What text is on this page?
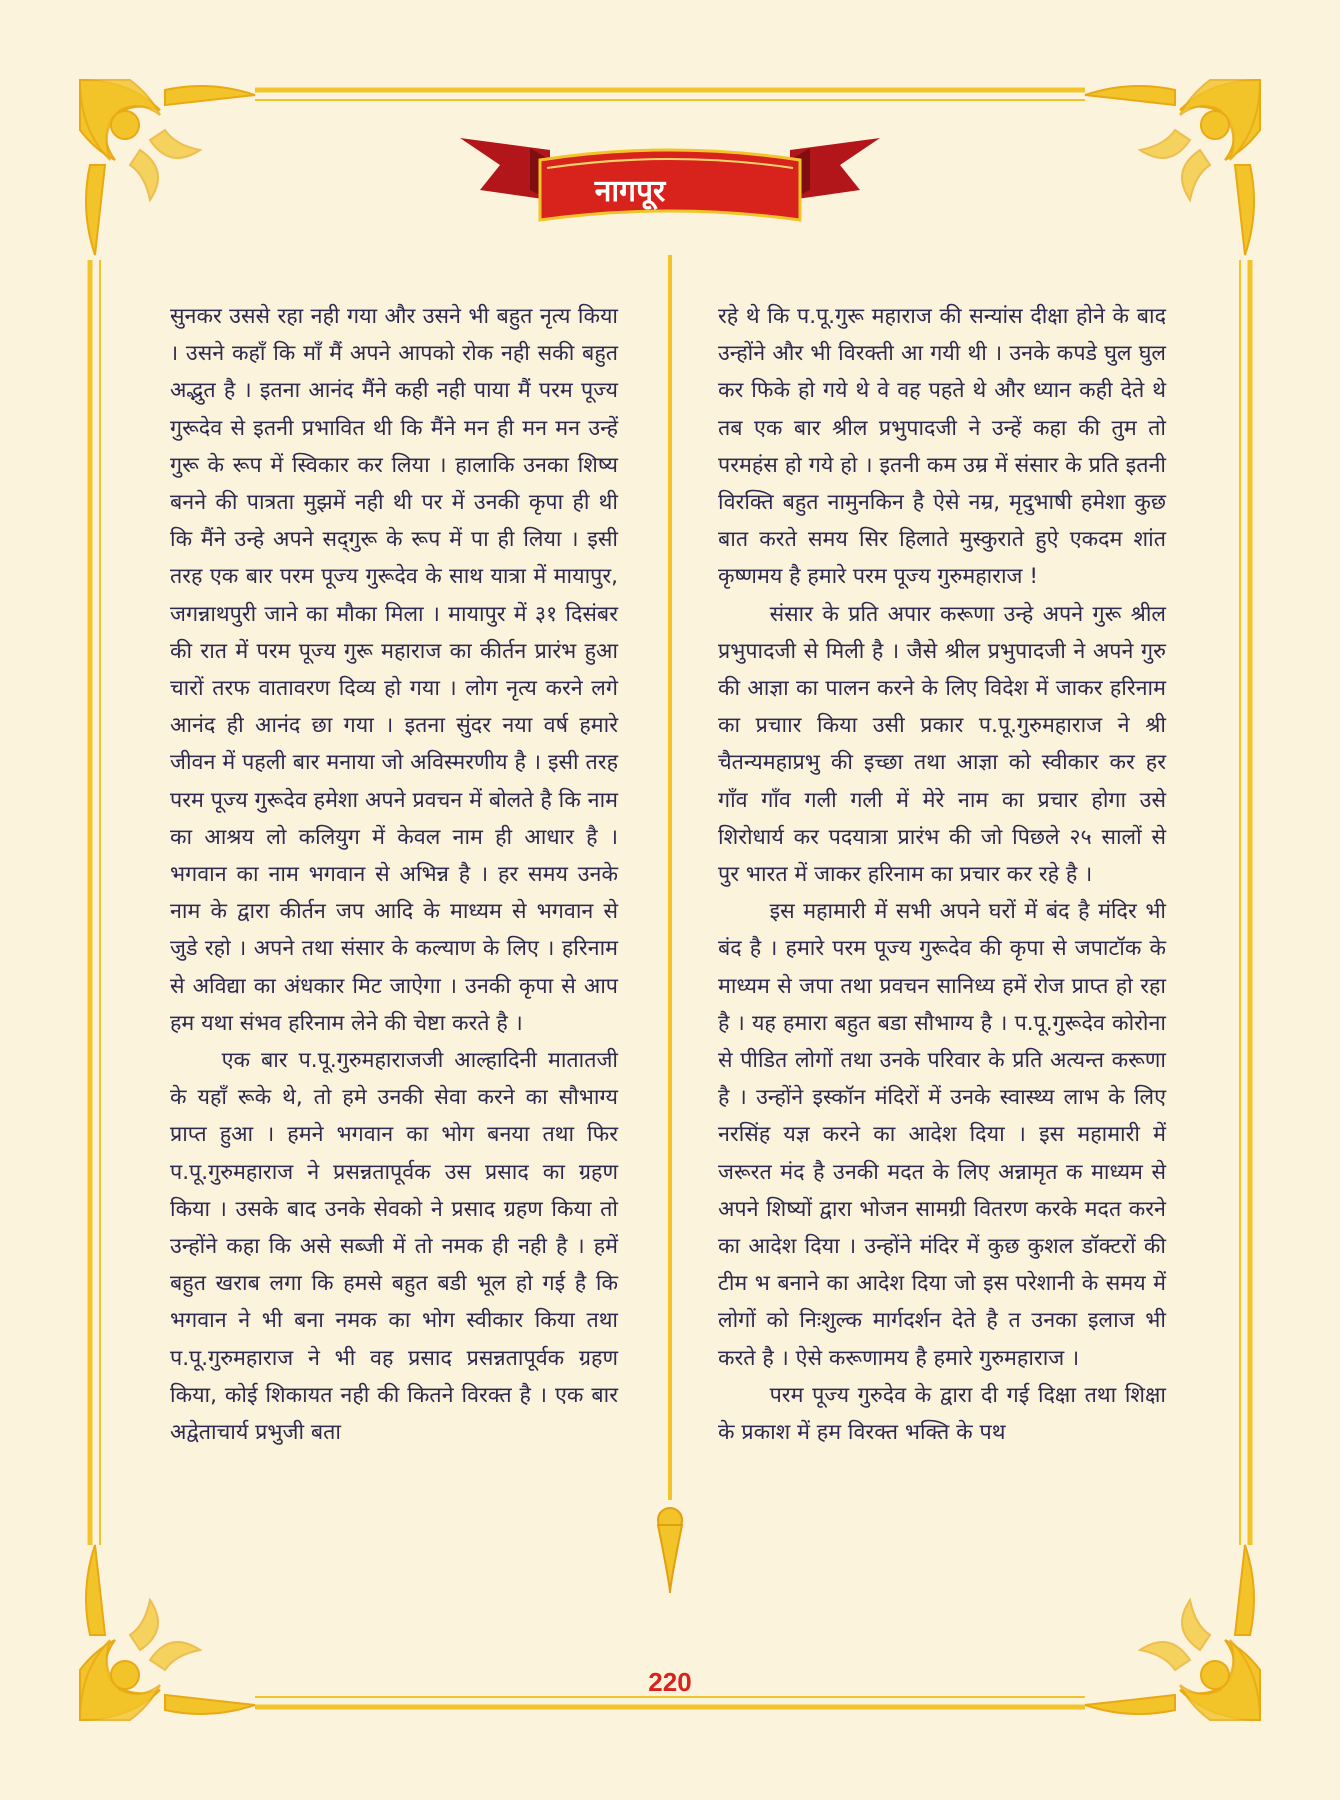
नागपूर

सुनकर उससे रहा नही गया और उसने भी बहुत नृत्य किया । उसने कहाँ कि माँ मैं अपने आपको रोक नही सकी बहुत अद्भुत है । इतना आनंद मैंने कही नही पाया मैं परम पूज्य गुरूदेव से इतनी प्रभावित थी कि मैंने मन ही मन मन उन्हें गुरू के रूप में स्विकार कर लिया । हालाकि उनका शिष्य बनने की पात्रता मुझमें नही थी पर में उनकी कृपा ही थी कि मैंने उन्हे अपने सद्‌गुरू के रूप में पा ही लिया । इसी तरह एक बार परम पूज्य गुरूदेव के साथ यात्रा में मायापुर, जगन्नाथपुरी जाने का मौका मिला । मायापुर में ३१ दिसंबर की रात में परम पूज्य गुरू महाराज का कीर्तन प्रारंभ हुआ चारों तरफ वातावरण दिव्य हो गया । लोग नृत्य करने लगे आनंद ही आनंद छा गया । इतना सुंदर नया वर्ष हमारे जीवन में पहली बार मनाया जो अविस्मरणीय है । इसी तरह परम पूज्य गुरूदेव हमेशा अपने प्रवचन में बोलते है कि नाम का आश्रय लो कलियुग में केवल नाम ही आधार है । भगवान का नाम भगवान से अभिन्न है । हर समय उनके नाम के द्वारा कीर्तन जप आदि के माध्यम से भगवान से जुडे रहो । अपने तथा संसार के कल्याण के लिए । हरिनाम से अविद्या का अंधकार मिट जाऐगा । उनकी कृपा से आप हम यथा संभव हरिनाम लेने की चेष्टा करते है ।

एक बार प.पू.गुरुमहाराजजी आल्हादिनी मातातजी के यहाँ रूके थे, तो हमे उनकी सेवा करने का सौभाग्य प्राप्त हुआ । हमने भगवान का भोग बनया तथा फिर प.पू.गुरुमहाराज ने प्रसन्नतापूर्वक उस प्रसाद का ग्रहण किया । उसके बाद उनके सेवको ने प्रसाद ग्रहण किया तो उन्होंने कहा कि असे सब्जी में तो नमक ही नही है । हमें बहुत खराब लगा कि हमसे बहुत बडी भूल हो गई है कि भगवान ने भी बना नमक का भोग स्वीकार किया तथा प.पू.गुरुमहाराज ने भी वह प्रसाद प्रसन्नतापूर्वक ग्रहण किया, कोई शिकायत नही की कितने विरक्त है । एक बार अद्वेताचार्य प्रभुजी बता

रहे थे कि प.पू.गुरू महाराज की सन्यांस दीक्षा होने के बाद उन्होंने और भी विरक्ती आ गयी थी । उनके कपडे घुल घुल कर फिके हो गये थे वे वह पहते थे और ध्यान कही देते थे तब एक बार श्रील प्रभुपादजी ने उन्हें कहा की तुम तो परमहंस हो गये हो । इतनी कम उम्र में संसार के प्रति इतनी विरक्ति बहुत नामुनकिन है ऐसे नम्र, मृदुभाषी हमेशा कुछ बात करते समय सिर हिलाते मुस्कुराते हुऐ एकदम शांत कृष्णमय है हमारे परम पूज्य गुरुमहाराज !

संसार के प्रति अपार करूणा उन्हे अपने गुरू श्रील प्रभुपादजी से मिली है । जैसे श्रील प्रभुपादजी ने अपने गुरु की आज्ञा का पालन करने के लिए विदेश में जाकर हरिनाम का प्रचाार किया उसी प्रकार प.पू.गुरुमहाराज ने श्री चैतन्यमहाप्रभु की इच्छा तथा आज्ञा को स्वीकार कर हर गाँव गाँव गली गली में मेरे नाम का प्रचार होगा उसे शिरोधार्य कर पदयात्रा प्रारंभ की जो पिछले २५ सालों से पुर भारत में जाकर हरिनाम का प्रचार कर रहे है ।

इस महामारी में सभी अपने घरों में बंद है मंदिर भी बंद है । हमारे परम पूज्य गुरूदेव की कृपा से जपाटॉक के माध्यम से जपा तथा प्रवचन सानिध्य हमें रोज प्राप्त हो रहा है । यह हमारा बहुत बडा सौभाग्य है । प.पू.गुरूदेव कोरोना से पीडित लोगों तथा उनके परिवार के प्रति अत्यन्त करूणा है । उन्होंने इस्कॉन मंदिरों में उनके स्वास्थ्य लाभ के लिए नरसिंह यज्ञ करने का आदेश दिया । इस महामारी में जरूरत मंद है उनकी मदत के लिए अन्नामृत क माध्यम से अपने शिष्यों द्वारा भोजन सामग्री वितरण करके मदत करने का आदेश दिया । उन्होंने मंदिर में कुछ कुशल डॉक्टरों की टीम भ बनाने का आदेश दिया जो इस परेशानी के समय में लोगों को निःशुल्क मार्गदर्शन देते है त उनका इलाज भी करते है । ऐसे करूणामय है हमारे गुरुमहाराज ।

परम पूज्य गुरुदेव के द्वारा दी गई दिक्षा तथा शिक्षा के प्रकाश में हम विरक्त भक्ति के पथ

220
